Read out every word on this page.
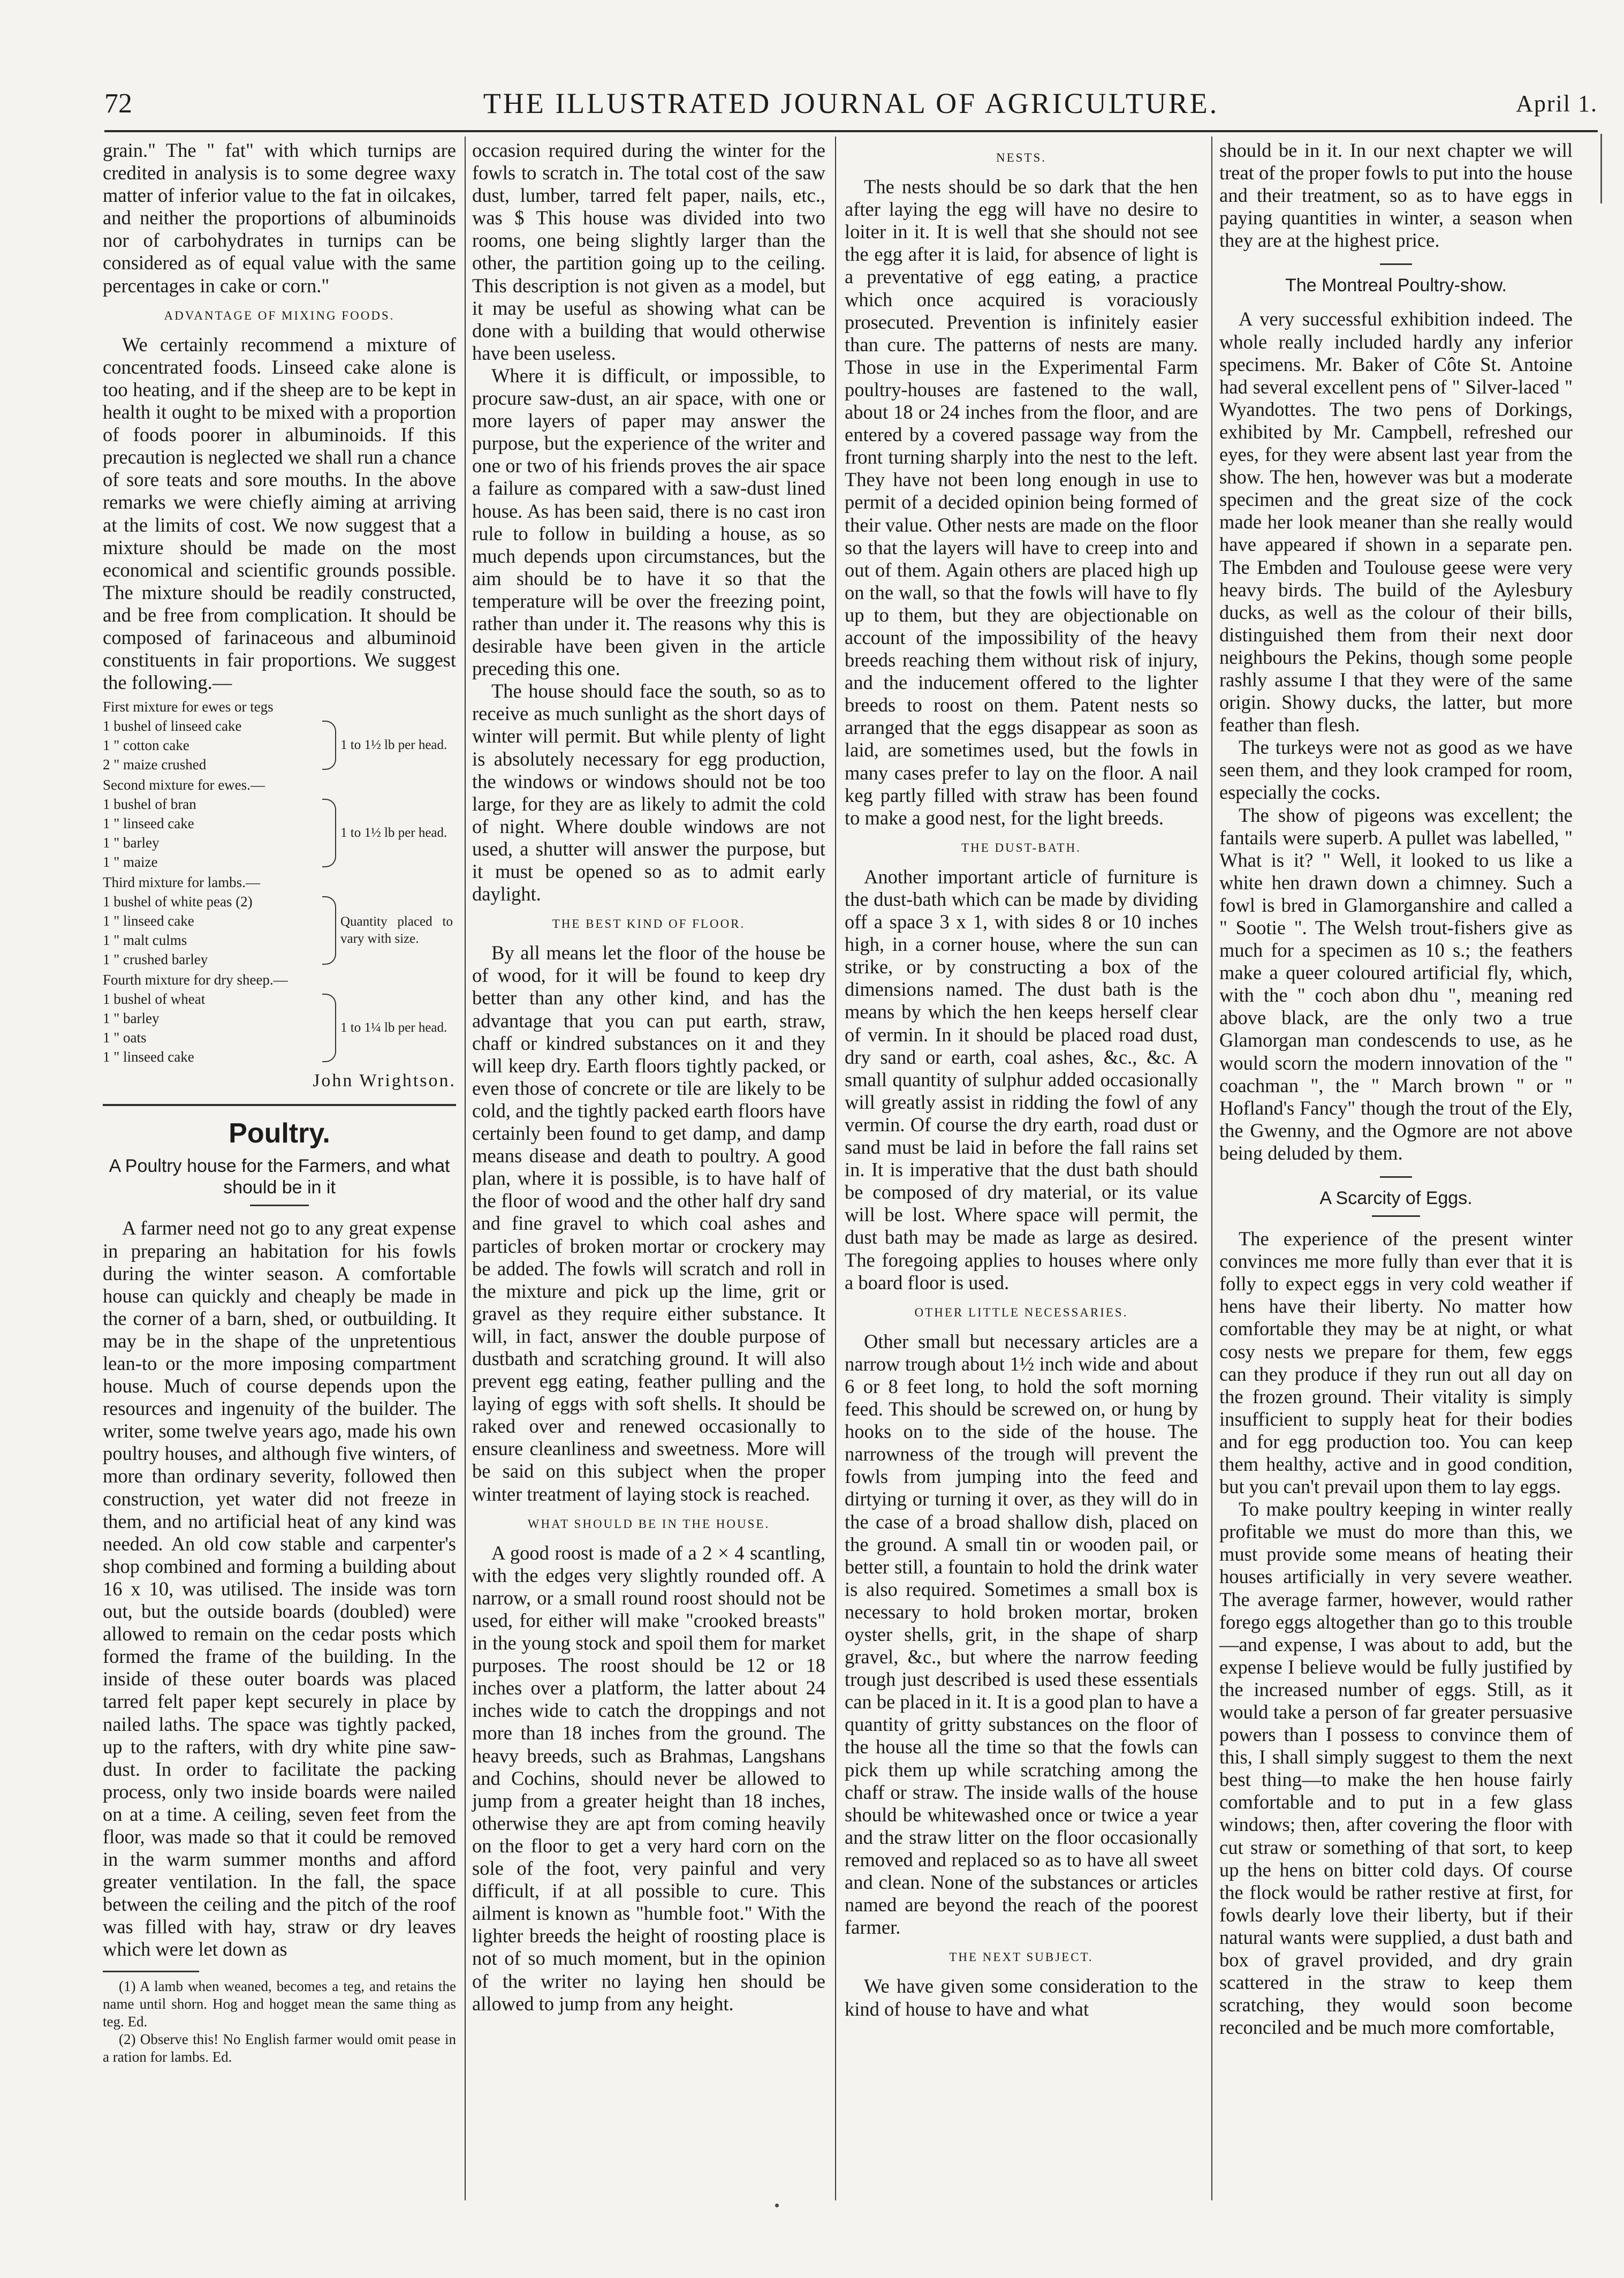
72	THE ILLUSTRATED JOURNAL OF AGRICULTURE.	April 1.

grain." The " fat" with which turnips are credited in analysis is to some degree waxy matter of inferior value to the fat in oilcakes, and neither the proportions of albuminoids nor of carbohydrates in turnips can be considered as of equal value with the same percentages in cake or corn."

ADVANTAGE OF MIXING FOODS.

We certainly recommend a mixture of concentrated foods. Linseed cake alone is too heating, and if the sheep are to be kept in health it ought to be mixed with a proportion of foods poorer in albuminoids. If this precaution is neglected we shall run a chance of sore teats and sore mouths. In the above remarks we were chiefly aiming at arriving at the limits of cost. We now suggest that a mixture should be made on the most economical and scientific grounds possible. The mixture should be readily constructed, and be free from complication. It should be composed of farinaceous and albuminoid constituents in fair proportions. We suggest the following.—

First mixture for ewes or tegs
1 bushel of linseed cake
1 " cotton cake
2 " maize crushed
1 to 1½ lb per head.
Second mixture for ewes.—
1 bushel of bran
1 " linseed cake
1 " barley
1 " maize
1 to 1½ lb per head.
Third mixture for lambs.—
1 bushel of white peas (2)
1 " linseed cake
1 " malt culms
1 " crushed barley
Quantity placed to vary with size.
Fourth mixture for dry sheep.—
1 bushel of wheat
1 " barley
1 " oats
1 " linseed cake
1 to 1¼ lb per head.
John Wrightson.
Poultry.
A Poultry house for the Farmers, and what should be in it

A farmer need not go to any great expense in preparing an habitation for his fowls during the winter season. A comfortable house can quickly and cheaply be made in the corner of a barn, shed, or outbuilding. It may be in the shape of the unpretentious lean-to or the more imposing compartment house. Much of course depends upon the resources and ingenuity of the builder. The writer, some twelve years ago, made his own poultry houses, and although five winters, of more than ordinary severity, followed then construction, yet water did not freeze in them, and no artificial heat of any kind was needed. An old cow stable and carpenter's shop combined and forming a building about 16 x 10, was utilised. The inside was torn out, but the outside boards (doubled) were allowed to remain on the cedar posts which formed the frame of the building. In the inside of these outer boards was placed tarred felt paper kept securely in place by nailed laths. The space was tightly packed, up to the rafters, with dry white pine saw-dust. In order to facilitate the packing process, only two inside boards were nailed on at a time. A ceiling, seven feet from the floor, was made so that it could be removed in the warm summer months and afford greater ventilation. In the fall, the space between the ceiling and the pitch of the roof was filled with hay, straw or dry leaves which were let down as

(1) A lamb when weaned, becomes a teg, and retains the name until shorn. Hog and hogget mean the same thing as teg. Ed.

(2) Observe this! No English farmer would omit pease in a ration for lambs. Ed.

occasion required during the winter for the fowls to scratch in. The total cost of the saw dust, lumber, tarred felt paper, nails, etc., was $ This house was divided into two rooms, one being slightly larger than the other, the partition going up to the ceiling. This description is not given as a model, but it may be useful as showing what can be done with a building that would otherwise have been useless.

Where it is difficult, or impossible, to procure saw-dust, an air space, with one or more layers of paper may answer the purpose, but the experience of the writer and one or two of his friends proves the air space a failure as compared with a saw-dust lined house. As has been said, there is no cast iron rule to follow in building a house, as so much depends upon circumstances, but the aim should be to have it so that the temperature will be over the freezing point, rather than under it. The reasons why this is desirable have been given in the article preceding this one.

The house should face the south, so as to receive as much sunlight as the short days of winter will permit. But while plenty of light is absolutely necessary for egg production, the windows or windows should not be too large, for they are as likely to admit the cold of night. Where double windows are not used, a shutter will answer the purpose, but it must be opened so as to admit early daylight.

THE BEST KIND OF FLOOR.

By all means let the floor of the house be of wood, for it will be found to keep dry better than any other kind, and has the advantage that you can put earth, straw, chaff or kindred substances on it and they will keep dry. Earth floors tightly packed, or even those of concrete or tile are likely to be cold, and the tightly packed earth floors have certainly been found to get damp, and damp means disease and death to poultry. A good plan, where it is possible, is to have half of the floor of wood and the other half dry sand and fine gravel to which coal ashes and particles of broken mortar or crockery may be added. The fowls will scratch and roll in the mixture and pick up the lime, grit or gravel as they require either substance. It will, in fact, answer the double purpose of dustbath and scratching ground. It will also prevent egg eating, feather pulling and the laying of eggs with soft shells. It should be raked over and renewed occasionally to ensure cleanliness and sweetness. More will be said on this subject when the proper winter treatment of laying stock is reached.

WHAT SHOULD BE IN THE HOUSE.

A good roost is made of a 2 × 4 scantling, with the edges very slightly rounded off. A narrow, or a small round roost should not be used, for either will make "crooked breasts" in the young stock and spoil them for market purposes. The roost should be 12 or 18 inches over a platform, the latter about 24 inches wide to catch the droppings and not more than 18 inches from the ground. The heavy breeds, such as Brahmas, Langshans and Cochins, should never be allowed to jump from a greater height than 18 inches, otherwise they are apt from coming heavily on the floor to get a very hard corn on the sole of the foot, very painful and very difficult, if at all possible to cure. This ailment is known as "humble foot." With the lighter breeds the height of roosting place is not of so much moment, but in the opinion of the writer no laying hen should be allowed to jump from any height.

NESTS.

The nests should be so dark that the hen after laying the egg will have no desire to loiter in it. It is well that she should not see the egg after it is laid, for absence of light is a preventative of egg eating, a practice which once acquired is voraciously prosecuted. Prevention is infinitely easier than cure. The patterns of nests are many. Those in use in the Experimental Farm poultry-houses are fastened to the wall, about 18 or 24 inches from the floor, and are entered by a covered passage way from the front turning sharply into the nest to the left. They have not been long enough in use to permit of a decided opinion being formed of their value. Other nests are made on the floor so that the layers will have to creep into and out of them. Again others are placed high up on the wall, so that the fowls will have to fly up to them, but they are objectionable on account of the impossibility of the heavy breeds reaching them without risk of injury, and the inducement offered to the lighter breeds to roost on them. Patent nests so arranged that the eggs disappear as soon as laid, are sometimes used, but the fowls in many cases prefer to lay on the floor. A nail keg partly filled with straw has been found to make a good nest, for the light breeds.

THE DUST-BATH.

Another important article of furniture is the dust-bath which can be made by dividing off a space 3 x 1, with sides 8 or 10 inches high, in a corner house, where the sun can strike, or by constructing a box of the dimensions named. The dust bath is the means by which the hen keeps herself clear of vermin. In it should be placed road dust, dry sand or earth, coal ashes, &c., &c. A small quantity of sulphur added occasionally will greatly assist in ridding the fowl of any vermin. Of course the dry earth, road dust or sand must be laid in before the fall rains set in. It is imperative that the dust bath should be composed of dry material, or its value will be lost. Where space will permit, the dust bath may be made as large as desired. The foregoing applies to houses where only a board floor is used.

OTHER LITTLE NECESSARIES.

Other small but necessary articles are a narrow trough about 1½ inch wide and about 6 or 8 feet long, to hold the soft morning feed. This should be screwed on, or hung by hooks on to the side of the house. The narrowness of the trough will prevent the fowls from jumping into the feed and dirtying or turning it over, as they will do in the case of a broad shallow dish, placed on the ground. A small tin or wooden pail, or better still, a fountain to hold the drink water is also required. Sometimes a small box is necessary to hold broken mortar, broken oyster shells, grit, in the shape of sharp gravel, &c., but where the narrow feeding trough just described is used these essentials can be placed in it. It is a good plan to have a quantity of gritty substances on the floor of the house all the time so that the fowls can pick them up while scratching among the chaff or straw. The inside walls of the house should be whitewashed once or twice a year and the straw litter on the floor occasionally removed and replaced so as to have all sweet and clean. None of the substances or articles named are beyond the reach of the poorest farmer.

THE NEXT SUBJECT.

We have given some consideration to the kind of house to have and what

should be in it. In our next chapter we will treat of the proper fowls to put into the house and their treatment, so as to have eggs in paying quantities in winter, a season when they are at the highest price.

The Montreal Poultry-show.

A very successful exhibition indeed. The whole really included hardly any inferior specimens. Mr. Baker of Côte St. Antoine had several excellent pens of " Silver-laced " Wyandottes. The two pens of Dorkings, exhibited by Mr. Campbell, refreshed our eyes, for they were absent last year from the show. The hen, however was but a moderate specimen and the great size of the cock made her look meaner than she really would have appeared if shown in a separate pen. The Embden and Toulouse geese were very heavy birds. The build of the Aylesbury ducks, as well as the colour of their bills, distinguished them from their next door neighbours the Pekins, though some people rashly assume I that they were of the same origin. Showy ducks, the latter, but more feather than flesh.

The turkeys were not as good as we have seen them, and they look cramped for room, especially the cocks.

The show of pigeons was excellent; the fantails were superb. A pullet was labelled, " What is it? " Well, it looked to us like a white hen drawn down a chimney. Such a fowl is bred in Glamorganshire and called a " Sootie ". The Welsh trout-fishers give as much for a specimen as 10 s.; the feathers make a queer coloured artificial fly, which, with the " coch abon dhu ", meaning red above black, are the only two a true Glamorgan man condescends to use, as he would scorn the modern innovation of the " coachman ", the " March brown " or " Hofland's Fancy" though the trout of the Ely, the Gwenny, and the Ogmore are not above being deluded by them.

A Scarcity of Eggs.

The experience of the present winter convinces me more fully than ever that it is folly to expect eggs in very cold weather if hens have their liberty. No matter how comfortable they may be at night, or what cosy nests we prepare for them, few eggs can they produce if they run out all day on the frozen ground. Their vitality is simply insufficient to supply heat for their bodies and for egg production too. You can keep them healthy, active and in good condition, but you can't prevail upon them to lay eggs.

To make poultry keeping in winter really profitable we must do more than this, we must provide some means of heating their houses artificially in very severe weather. The average farmer, however, would rather forego eggs altogether than go to this trouble—and expense, I was about to add, but the expense I believe would be fully justified by the increased number of eggs. Still, as it would take a person of far greater persuasive powers than I possess to convince them of this, I shall simply suggest to them the next best thing—to make the hen house fairly comfortable and to put in a few glass windows; then, after covering the floor with cut straw or something of that sort, to keep up the hens on bitter cold days. Of course the flock would be rather restive at first, for fowls dearly love their liberty, but if their natural wants were supplied, a dust bath and box of gravel provided, and dry grain scattered in the straw to keep them scratching, they would soon become reconciled and be much more comfortable,
